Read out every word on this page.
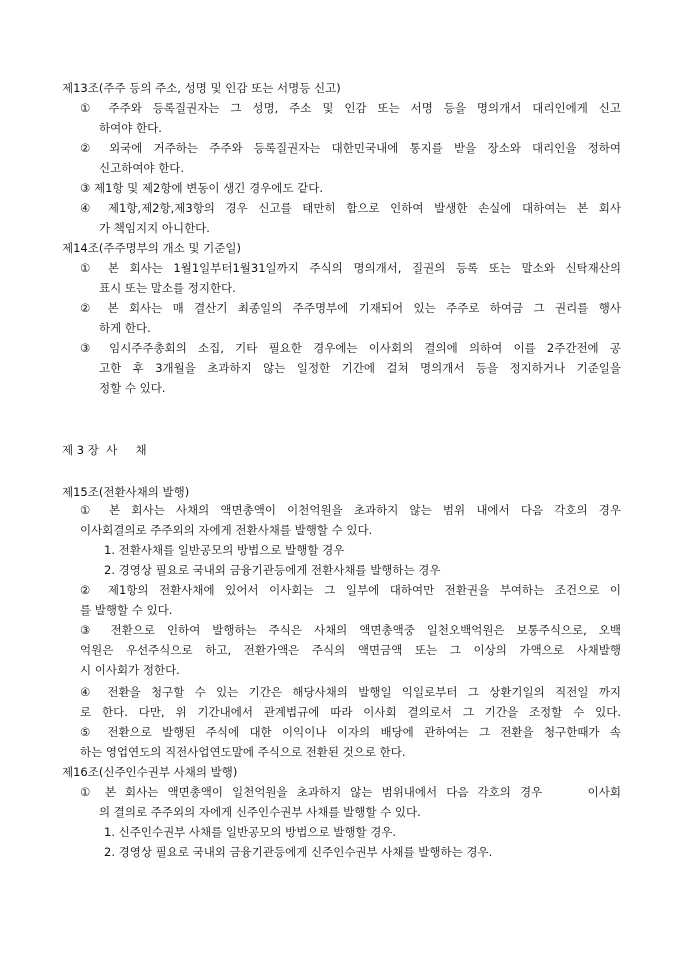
제13조(주주 등의 주소, 성명 및 인감 또는 서명등 신고)
① 주주와 등록질권자는 그 성명, 주소 및 인감 또는 서명 등을 명의개서 대리인에게 신고
하여야 한다.
② 외국에 거주하는 주주와 등록질권자는 대한민국내에 통지를 받을 장소와 대리인을 정하여
신고하여야 한다.
③ 제1항 및 제2항에 변동이 생긴 경우에도 같다.
④ 제1항,제2항,제3항의 경우 신고를 태만히 함으로 인하여 발생한 손실에 대하여는 본 회사
가 책임지지 아니한다.
제14조(주주명부의 개소 및 기준일)
① 본 회사는 1월1일부터1월31일까지 주식의 명의개서, 질권의 등록 또는 말소와 신탁재산의
표시 또는 말소를 정지한다.
② 본 회사는 매 결산기 최종일의 주주명부에 기재되어 있는 주주로 하여금 그 권리를 행사
하게 한다.
③ 임시주주총회의 소집, 기타 필요한 경우에는 이사회의 결의에 의하여 이를 2주간전에 공
고한 후 3개월을 초과하지 않는 일정한 기간에 걸쳐 명의개서 등을 정지하거나 기준일을
정할 수 있다.
제 3 장  사     채
제15조(전환사채의 발행)
① 본 회사는 사채의 액면총액이 이천억원을 초과하지 않는 범위 내에서 다음 각호의 경우
이사회결의로 주주외의 자에게 전환사채를 발행할 수 있다.
1. 전환사채를 일반공모의 방법으로 발행할 경우
2. 경영상 필요로 국내외 금융기관등에게 전환사채를 발행하는 경우
② 제1항의 전환사채에 있어서 이사회는 그 일부에 대하여만 전환권을 부여하는 조건으로 이
를 발행할 수 있다.
③ 전환으로 인하여 발행하는 주식은 사채의 액면총액중 일천오백억원은 보통주식으로, 오백
억원은 우선주식으로 하고, 전환가액은 주식의 액면금액 또는 그 이상의 가액으로 사채발행
시 이사회가 정한다.
④ 전환을 청구할 수 있는 기간은 해당사채의 발행일 익일로부터 그 상환기일의 직전일 까지
로 한다. 다만, 위 기간내에서 관계법규에 따라 이사회 결의로서 그 기간을 조정할 수 있다.
⑤ 전환으로 발행된 주식에 대한 이익이나 이자의 배당에 관하여는 그 전환을 청구한때가 속
하는 영업연도의 직전사업연도말에 주식으로 전환된 것으로 한다.
제16조(신주인수권부 사채의 발행)
① 본 회사는 액면총액이 일천억원을 초과하지 않는 범위내에서 다음 각호의 경우     이사회
의 결의로 주주외의 자에게 신주인수권부 사채를 발행할 수 있다.
1. 신주인수권부 사채를 일반공모의 방법으로 발행할 경우.
2. 경영상 필요로 국내외 금융기관등에게 신주인수권부 사채를 발행하는 경우.
